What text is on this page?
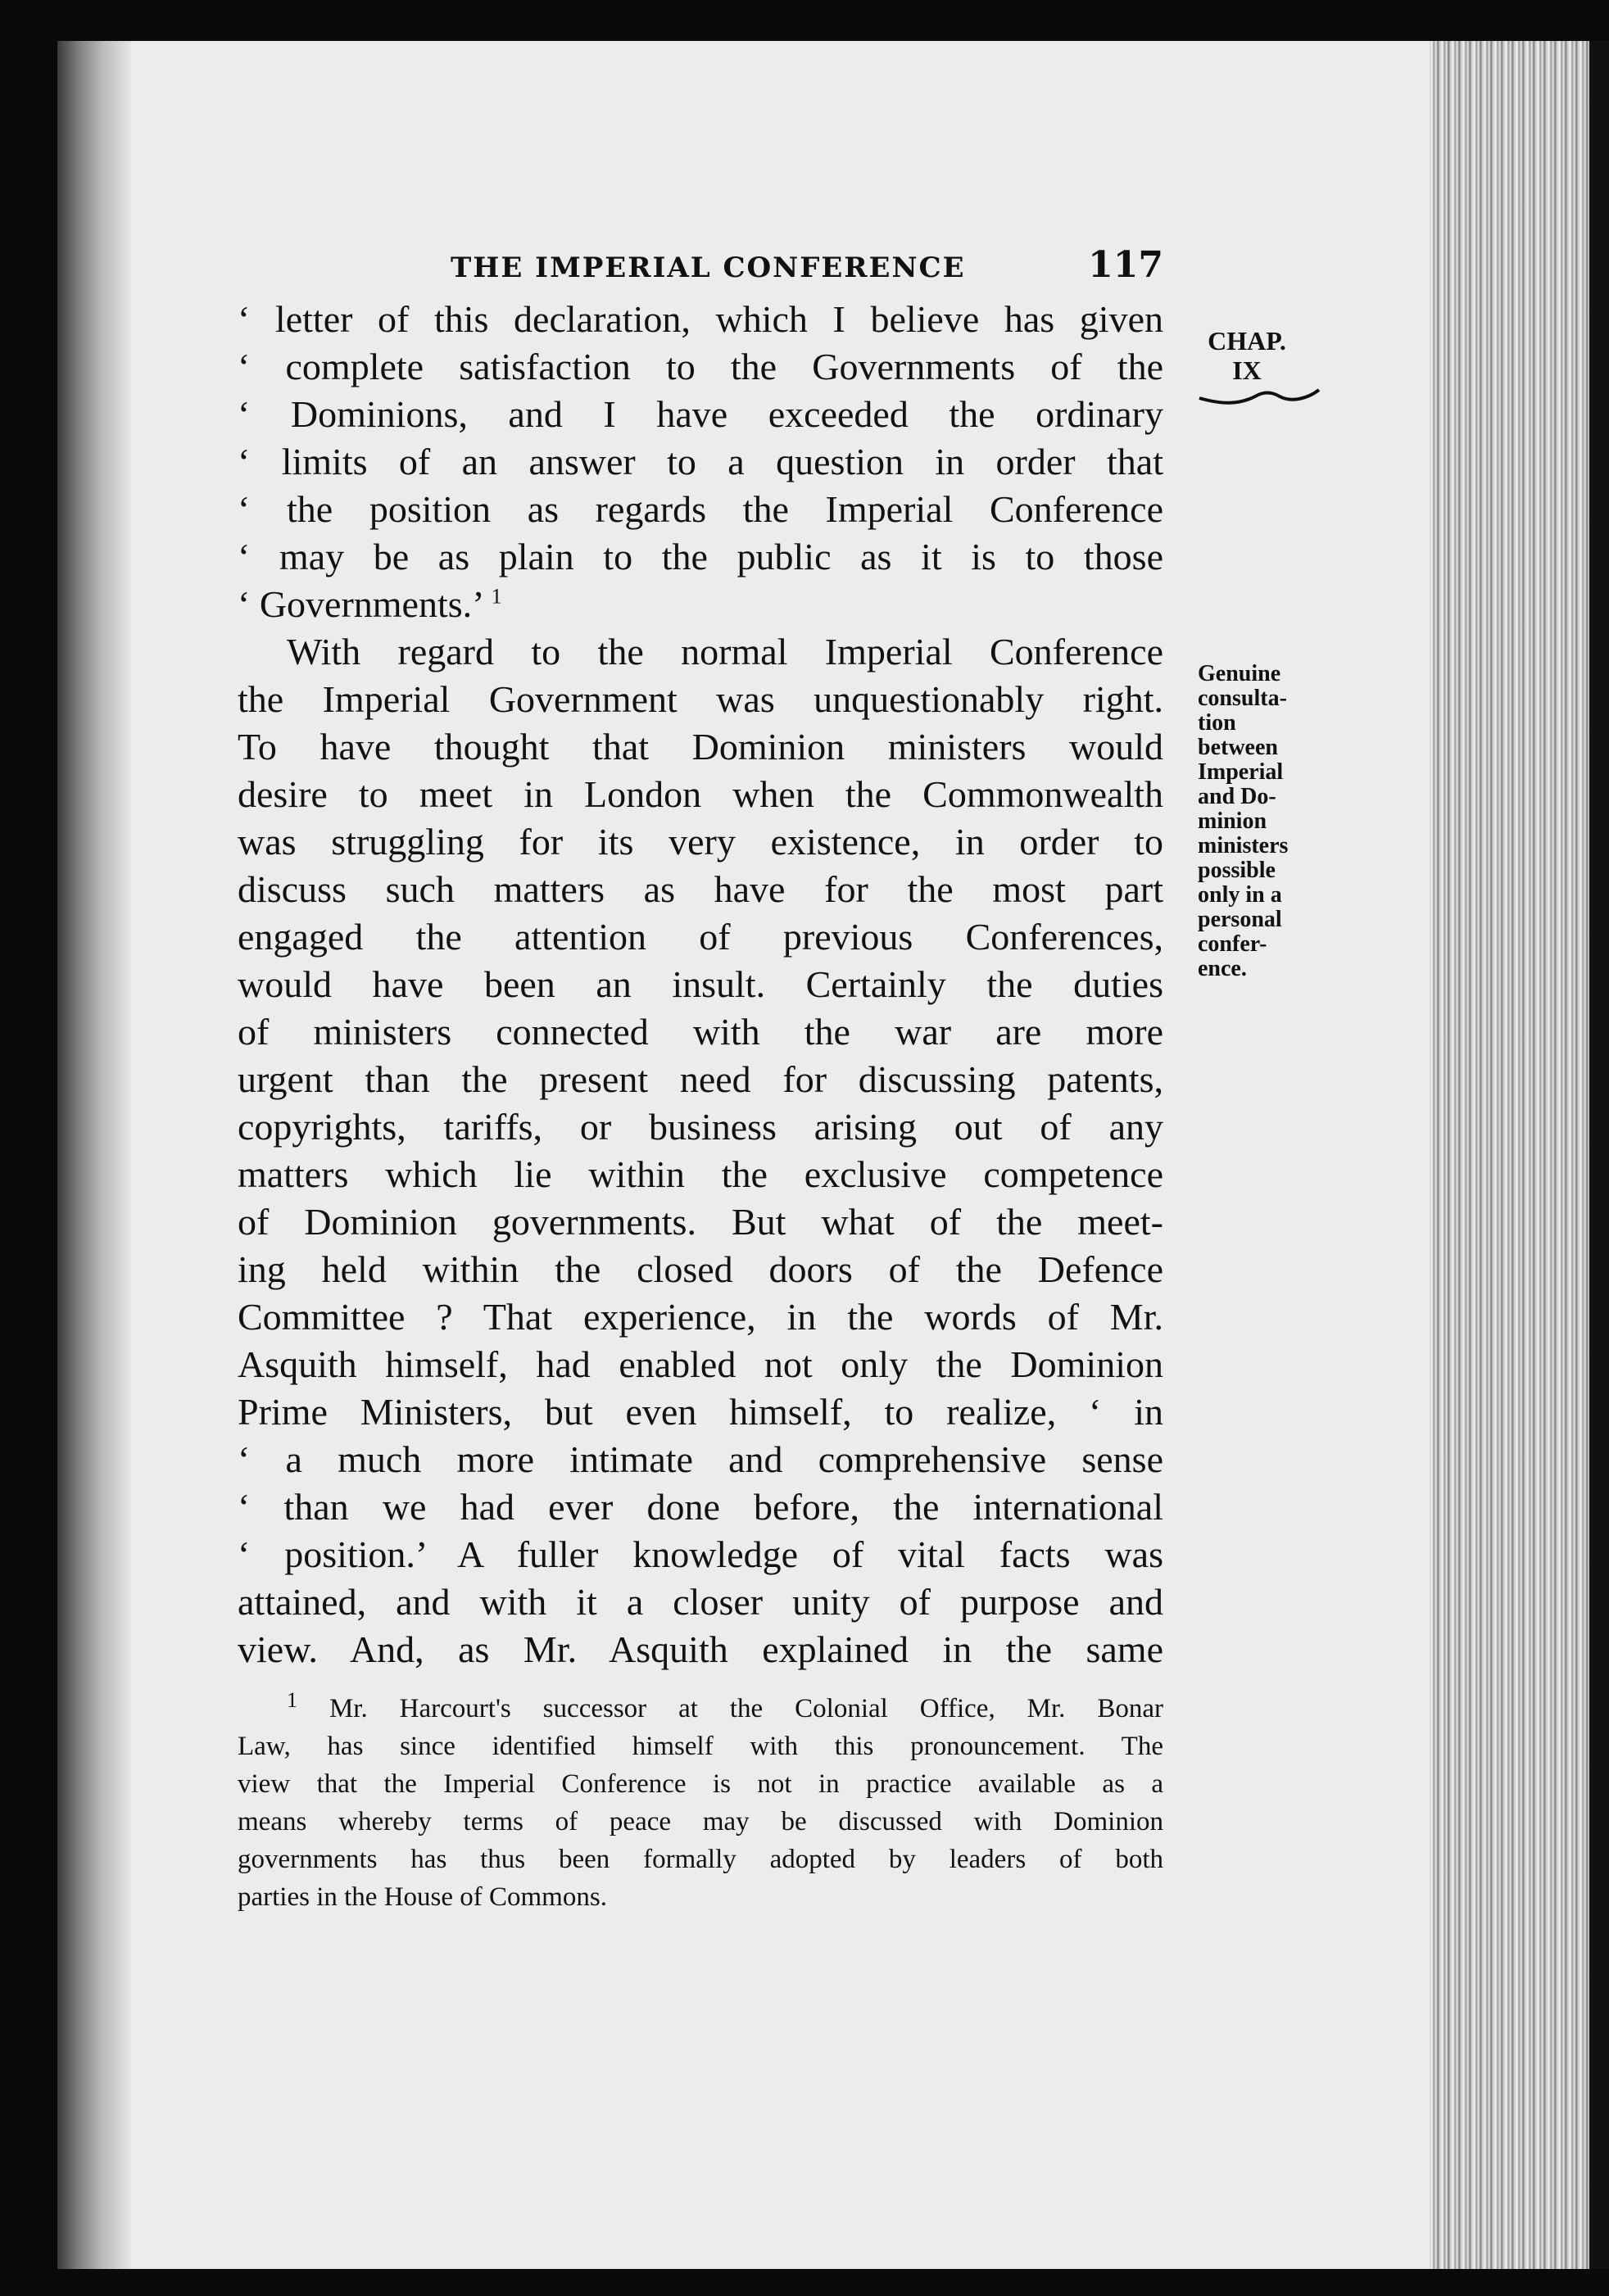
THE IMPERIAL CONFERENCE	117

‘ letter of this declaration, which I believe has given
‘ complete satisfaction to the Governments of the
‘ Dominions, and I have exceeded the ordinary
‘ limits of an answer to a question in order that
‘ the position as regards the Imperial Conference
‘ may be as plain to the public as it is to those
‘ Governments.’ $^1$

With regard to the normal Imperial Conference
the Imperial Government was unquestionably right.
To have thought that Dominion ministers would
desire to meet in London when the Commonwealth
was struggling for its very existence, in order to
discuss such matters as have for the most part
engaged the attention of previous Conferences,
would have been an insult. Certainly the duties
of ministers connected with the war are more
urgent than the present need for discussing patents,
copyrights, tariffs, or business arising out of any
matters which lie within the exclusive competence
of Dominion governments. But what of the meet-
ing held within the closed doors of the Defence
Committee ? That experience, in the words of Mr.
Asquith himself, had enabled not only the Dominion
Prime Ministers, but even himself, to realize, ‘ in
‘ a much more intimate and comprehensive sense
‘ than we had ever done before, the international
‘ position.’ A fuller knowledge of vital facts was
attained, and with it a closer unity of purpose and
view. And, as Mr. Asquith explained in the same

$^1$ Mr. Harcourt's successor at the Colonial Office, Mr. Bonar
Law, has since identified himself with this pronouncement. The
view that the Imperial Conference is not in practice available as a
means whereby terms of peace may be discussed with Dominion
governments has thus been formally adopted by leaders of both
parties in the House of Commons.
CHAP.
IX
Genuine
consulta-
tion
between
Imperial
and Do-
minion
ministers
possible
only in a
personal
confer-
ence.
